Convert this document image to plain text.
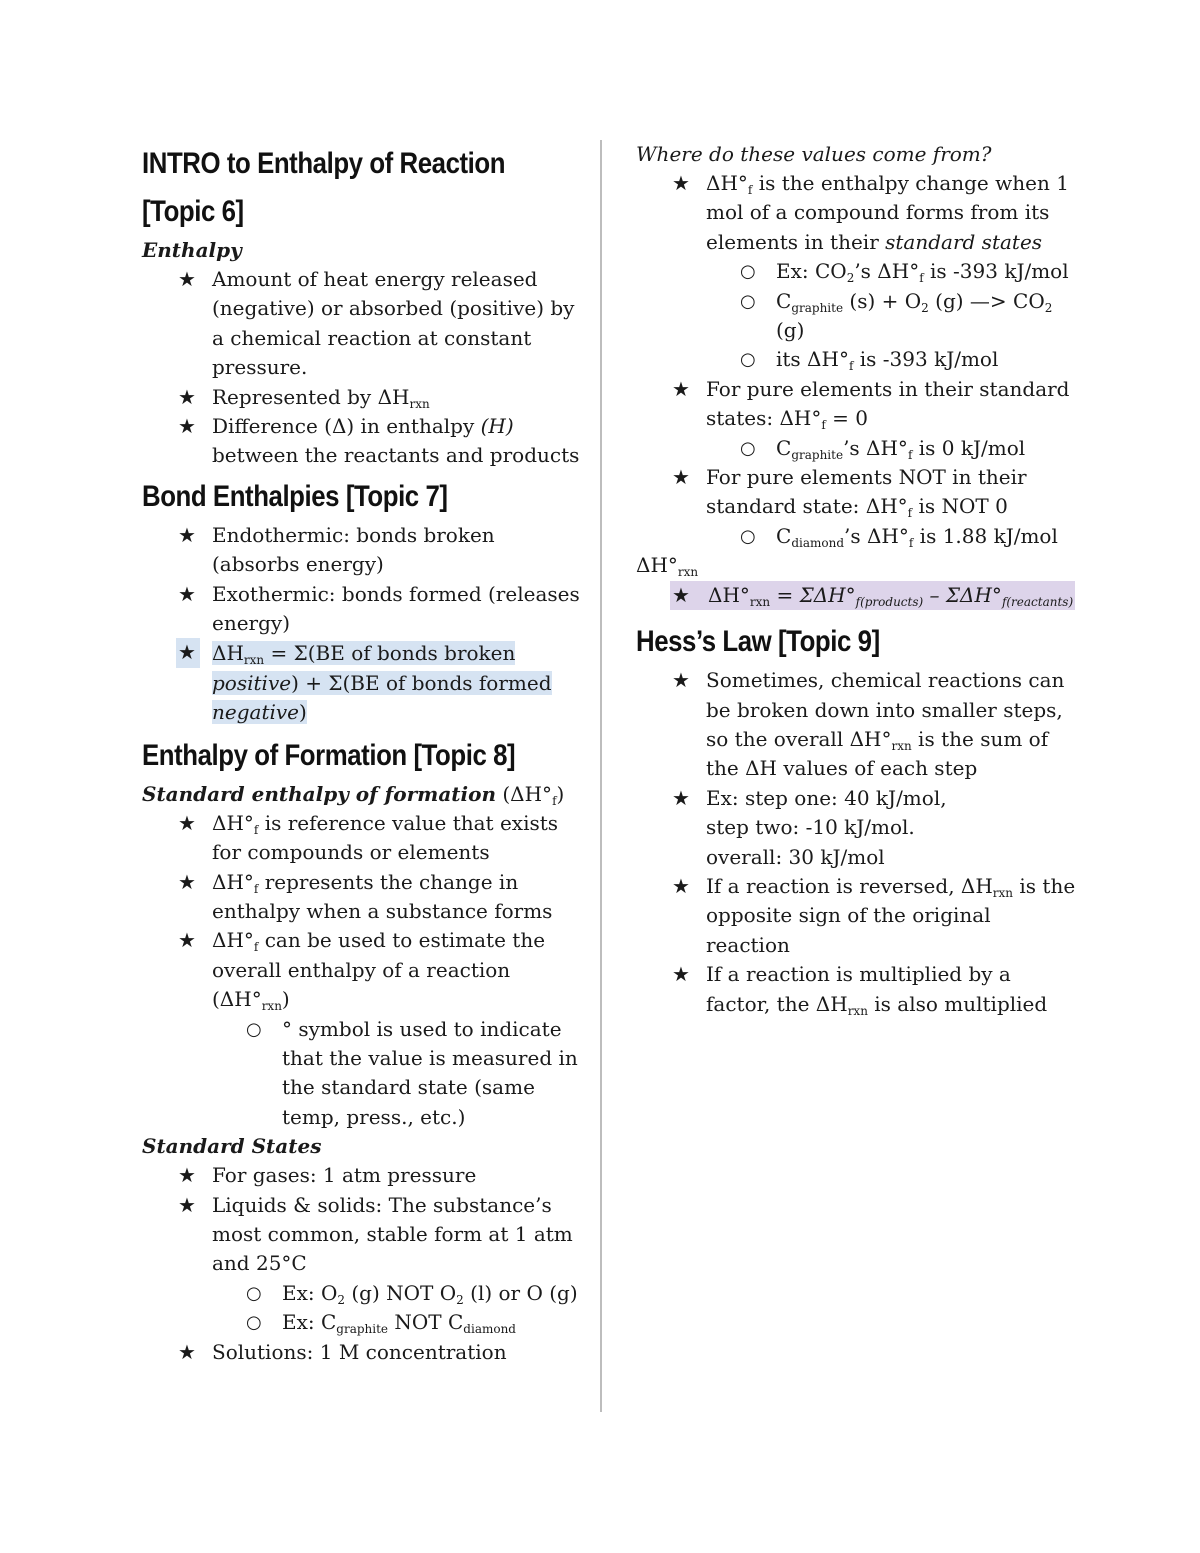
INTRO to Enthalpy of Reaction
[Topic 6]

Enthalpy

★ Amount of heat energy released (negative) or absorbed (positive) by a chemical reaction at constant pressure.
★ Represented by $\Delta H_{rxn}$
★ Difference (Δ) in enthalpy (H) between the reactants and products
Bond Enthalpies [Topic 7]
★ Endothermic: bonds broken (absorbs energy)
★ Exothermic: bonds formed (releases energy)
★ $\Delta H_{rxn} = \Sigma(BE$ of bonds broken positive) + Σ(BE of bonds formed negative)
Enthalpy of Formation [Topic 8]

Standard enthalpy of formation $(\Delta H^\circ_f)$

★ $\Delta H^\circ_f$ is reference value that exists for compounds or elements
★ $\Delta H^\circ_f$ represents the change in enthalpy when a substance forms
★ $\Delta H^\circ_f$ can be used to estimate the overall enthalpy of a reaction $(\Delta H^\circ_{rxn})$
○ ° symbol is used to indicate that the value is measured in the standard state (same temp, press., etc.)

Standard States

★ For gases: 1 atm pressure
★ Liquids & solids: The substance’s most common, stable form at 1 atm and 25°C
○ Ex: $O_2$ (g) NOT $O_2$ (l) or O (g)
○ Ex: $C_{graphite}$ NOT $C_{diamond}$
★ Solutions: 1 M concentration

Where do these values come from?

★ $\Delta H^\circ_f$ is the enthalpy change when 1 mol of a compound forms from its elements in their standard states
○ Ex: $CO_2’s$ $\Delta H^\circ_f$ is -393 kJ/mol
○ $C_{graphite}$ $(s) + O_2$ (g) —> $CO_2$ (g)
○ its $\Delta H^\circ_f$ is -393 kJ/mol
★ For pure elements in their standard states: $\Delta H^\circ_f = 0$
○ $C_{graphite}’s$ $\Delta H^\circ_f$ is 0 kJ/mol
★ For pure elements NOT in their standard state: $\Delta H^\circ_f$ is NOT 0
○ $C_{diamond}’s$ $\Delta H^\circ_f$ is 1.88 kJ/mol

$\Delta H^\circ_{rxn}$

★ $\Delta H^\circ_{rxn} = \Sigma\Delta H^\circ_{f(products)} - \Sigma\Delta H^\circ_{f(reactants)}$
Hess’s Law [Topic 9]
★ Sometimes, chemical reactions can be broken down into smaller steps, so the overall $\Delta H^\circ_{rxn}$ is the sum of the ΔH values of each step
★ Ex: step one: 40 kJ/mol,
step two: -10 kJ/mol.
overall: 30 kJ/mol
★ If a reaction is reversed, $\Delta H_{rxn}$ is the opposite sign of the original reaction
★ If a reaction is multiplied by a factor, the $\Delta H_{rxn}$ is also multiplied
